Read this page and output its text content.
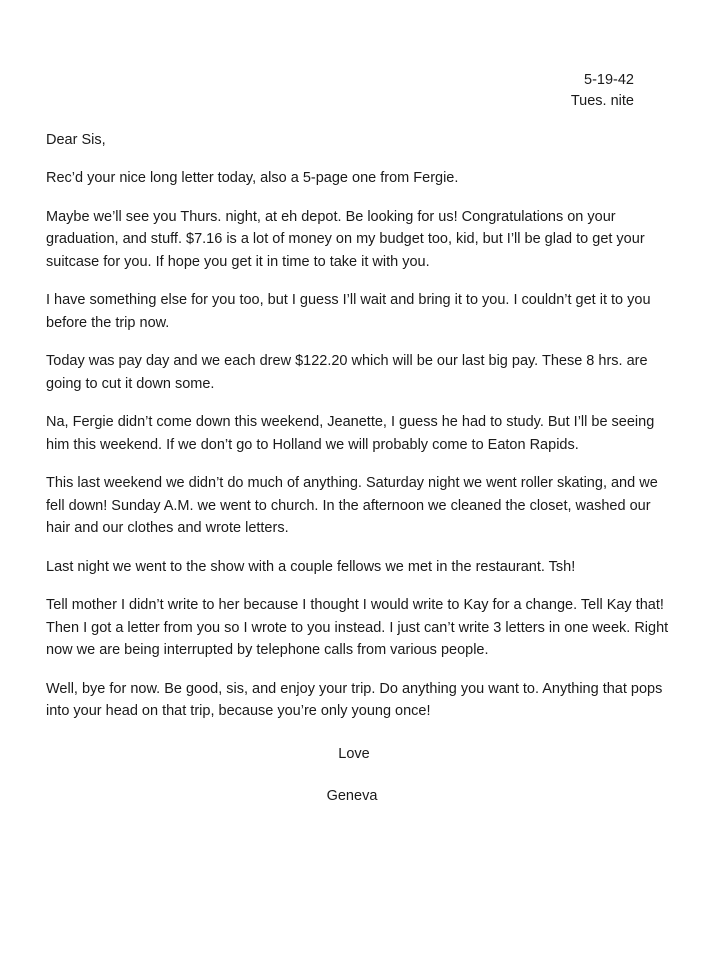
5-19-42
Tues. nite
Dear Sis,

Rec’d your nice long letter today, also a 5-page one from Fergie.

Maybe we’ll see you Thurs. night, at eh depot. Be looking for us! Congratulations on your graduation, and stuff. $7.16 is a lot of money on my budget too, kid, but I’ll be glad to get your suitcase for you. If hope you get it in time to take it with you.

I have something else for you too, but I guess I’ll wait and bring it to you. I couldn’t get it to you before the trip now.

Today was pay day and we each drew $122.20 which will be our last big pay. These 8 hrs. are going to cut it down some.

Na, Fergie didn’t come down this weekend, Jeanette, I guess he had to study. But I’ll be seeing him this weekend. If we don’t go to Holland we will probably come to Eaton Rapids.

This last weekend we didn’t do much of anything. Saturday night we went roller skating, and we fell down! Sunday A.M. we went to church. In the afternoon we cleaned the closet, washed our hair and our clothes and wrote letters.

Last night we went to the show with a couple fellows we met in the restaurant. Tsh!

Tell mother I didn’t write to her because I thought I would write to Kay for a change. Tell Kay that! Then I got a letter from you so I wrote to you instead. I just can’t write 3 letters in one week. Right now we are being interrupted by telephone calls from various people.

Well, bye for now. Be good, sis, and enjoy your trip. Do anything you want to. Anything that pops into your head on that trip, because you’re only young once!

Love
Geneva
